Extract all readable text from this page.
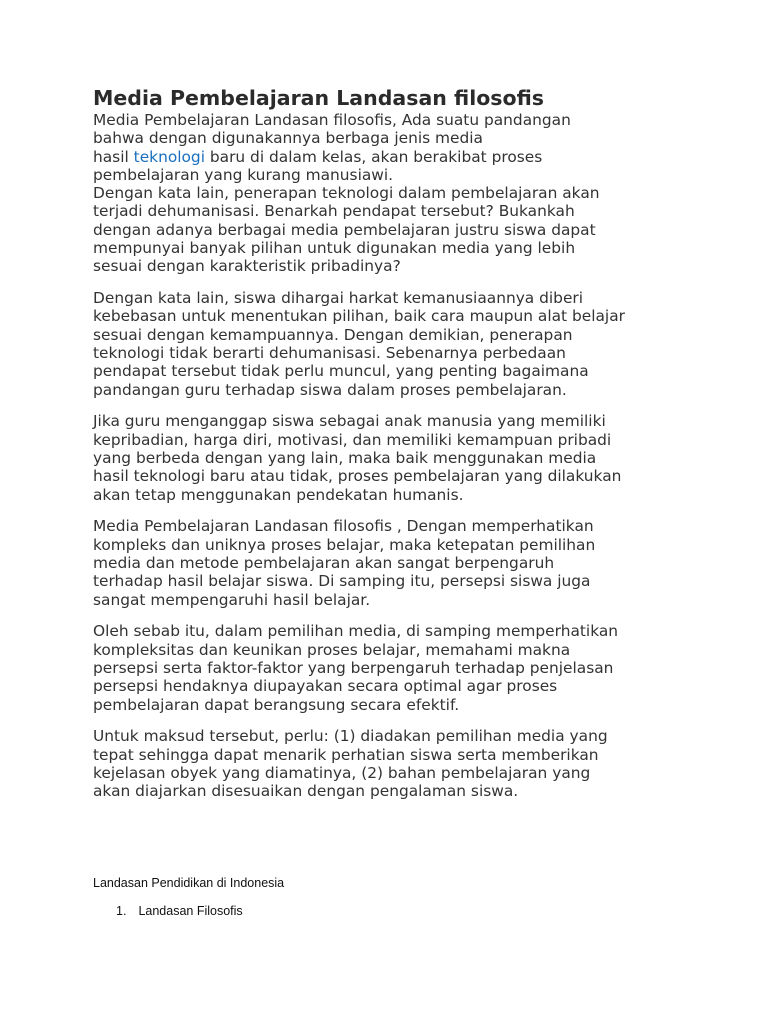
Media Pembelajaran Landasan filosofis

Media Pembelajaran Landasan filosofis, Ada suatu pandangan
bahwa dengan digunakannya berbaga jenis media
hasil teknologi baru di dalam kelas, akan berakibat proses
pembelajaran yang kurang manusiawi.
Dengan kata lain, penerapan teknologi dalam pembelajaran akan
terjadi dehumanisasi. Benarkah pendapat tersebut? Bukankah
dengan adanya berbagai media pembelajaran justru siswa dapat
mempunyai banyak pilihan untuk digunakan media yang lebih
sesuai dengan karakteristik pribadinya?

Dengan kata lain, siswa dihargai harkat kemanusiaannya diberi
kebebasan untuk menentukan pilihan, baik cara maupun alat belajar
sesuai dengan kemampuannya. Dengan demikian, penerapan
teknologi tidak berarti dehumanisasi. Sebenarnya perbedaan
pendapat tersebut tidak perlu muncul, yang penting bagaimana
pandangan guru terhadap siswa dalam proses pembelajaran.

Jika guru menganggap siswa sebagai anak manusia yang memiliki
kepribadian, harga diri, motivasi, dan memiliki kemampuan pribadi
yang berbeda dengan yang lain, maka baik menggunakan media
hasil teknologi baru atau tidak, proses pembelajaran yang dilakukan
akan tetap menggunakan pendekatan humanis.

Media Pembelajaran Landasan filosofis , Dengan memperhatikan
kompleks dan uniknya proses belajar, maka ketepatan pemilihan
media dan metode pembelajaran akan sangat berpengaruh
terhadap hasil belajar siswa. Di samping itu, persepsi siswa juga
sangat mempengaruhi hasil belajar.

Oleh sebab itu, dalam pemilihan media, di samping memperhatikan
kompleksitas dan keunikan proses belajar, memahami makna
persepsi serta faktor-faktor yang berpengaruh terhadap penjelasan
persepsi hendaknya diupayakan secara optimal agar proses
pembelajaran dapat berangsung secara efektif.

Untuk maksud tersebut, perlu: (1) diadakan pemilihan media yang
tepat sehingga dapat menarik perhatian siswa serta memberikan
kejelasan obyek yang diamatinya, (2) bahan pembelajaran yang
akan diajarkan disesuaikan dengan pengalaman siswa.

Landasan Pendidikan di Indonesia
1. Landasan Filosofis
